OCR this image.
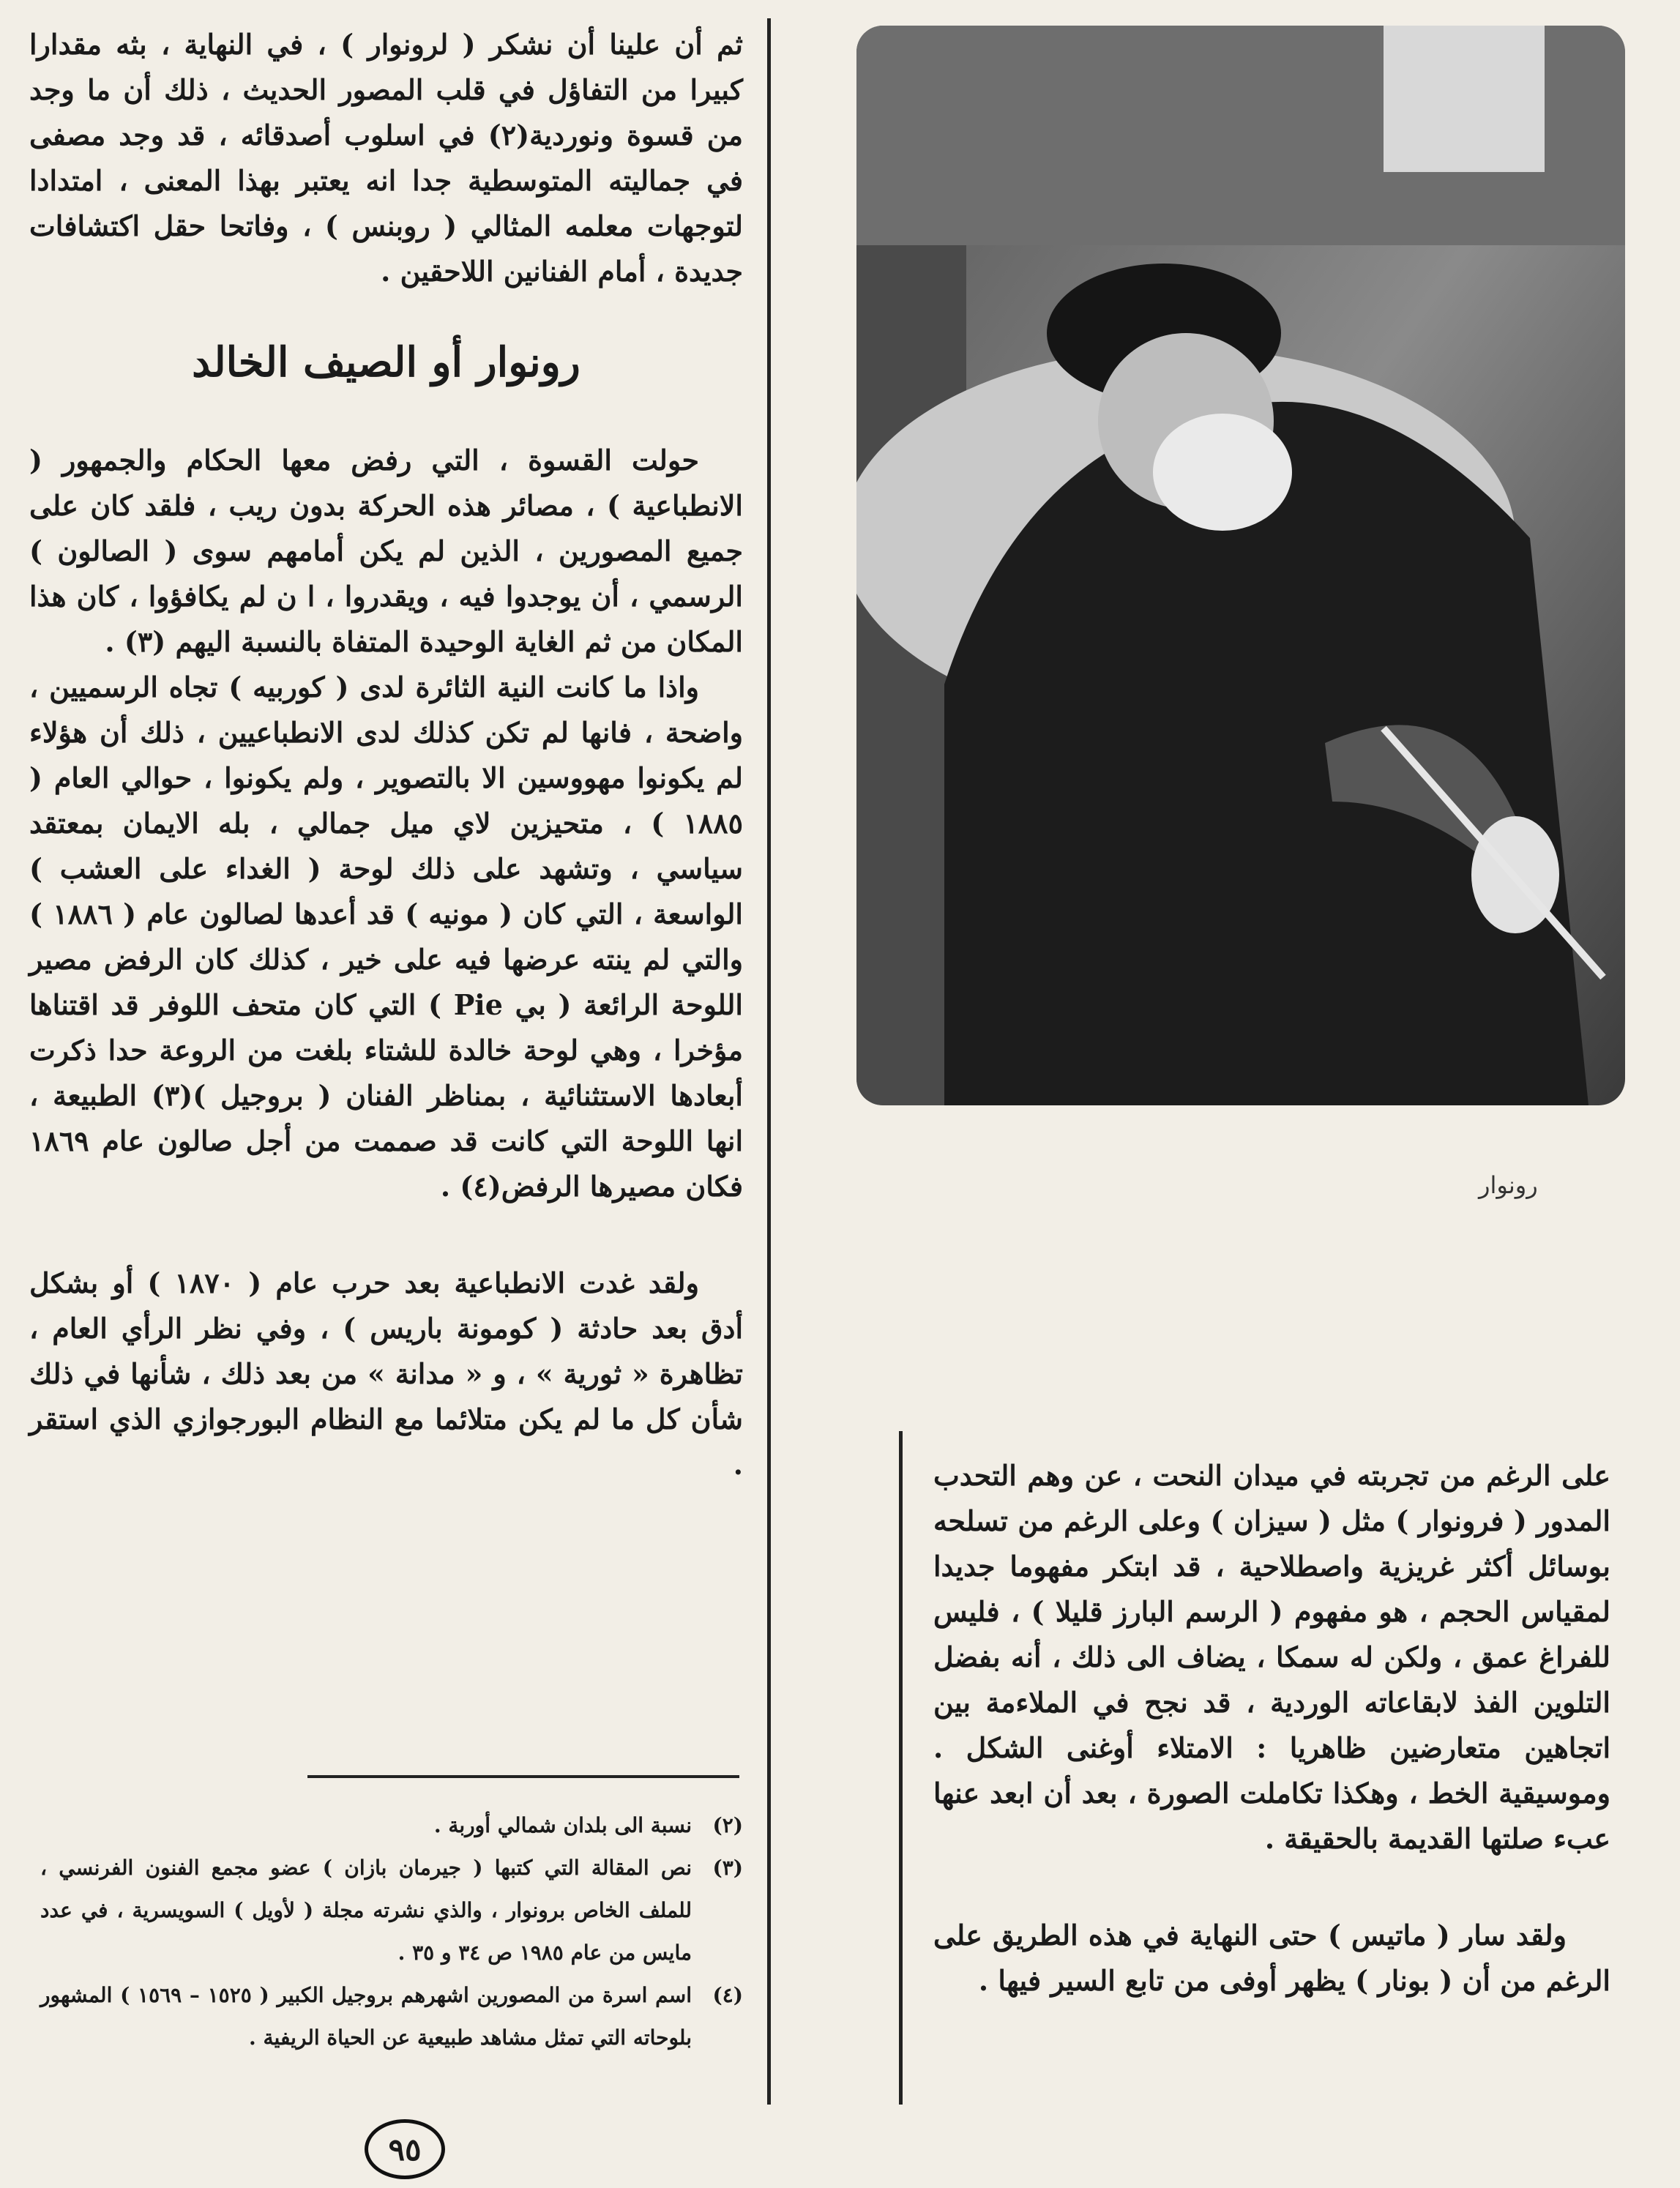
ثم أن علينا أن نشكر ( لرونوار ) ، في النهاية ، بثه مقدارا كبيرا من التفاؤل في قلب المصور الحديث ، ذلك أن ما وجد من قسوة ونوردية(٢) في اسلوب أصدقائه ، قد وجد مصفى في جماليته المتوسطية جدا انه يعتبر بهذا المعنى ، امتدادا لتوجهات معلمه المثالي ( روبنس ) ، وفاتحا حقل اكتشافات جديدة ، أمام الفنانين اللاحقين .

رونوار أو الصيف الخالد

حولت القسوة ، التي رفض معها الحكام والجمهور ( الانطباعية ) ، مصائر هذه الحركة بدون ريب ، فلقد كان على جميع المصورين ، الذين لم يكن أمامهم سوى ( الصالون ) الرسمي ، أن يوجدوا فيه ، ويقدروا ، ا ن لم يكافؤوا ، كان هذا المكان من ثم الغاية الوحيدة المتفاة بالنسبة اليهم (٣) .

واذا ما كانت النية الثائرة لدى ( كوربيه ) تجاه الرسميين ، واضحة ، فانها لم تكن كذلك لدى الانطباعيين ، ذلك أن هؤلاء لم يكونوا مهووسين الا بالتصوير ، ولم يكونوا ، حوالي العام ( ١٨٨٥ ) ، متحيزين لاي ميل جمالي ، بله الايمان بمعتقد سياسي ، وتشهد على ذلك لوحة ( الغداء على العشب ) الواسعة ، التي كان ( مونيه ) قد أعدها لصالون عام ( ١٨٨٦ ) والتي لم ينته عرضها فيه على خير ، كذلك كان الرفض مصير اللوحة الرائعة ( بي Pie ) التي كان متحف اللوفر قد اقتناها مؤخرا ، وهي لوحة خالدة للشتاء بلغت من الروعة حدا ذكرت أبعادها الاستثنائية ، بمناظر الفنان ( بروجيل )(٣) الطبيعة ، انها اللوحة التي كانت قد صممت من أجل صالون عام ١٨٦٩ فكان مصيرها الرفض(٤) .

ولقد غدت الانطباعية بعد حرب عام ( ١٨٧٠ ) أو بشكل أدق بعد حادثة ( كومونة باريس ) ، وفي نظر الرأي العام ، تظاهرة « ثورية » ، و « مدانة » من بعد ذلك ، شأنها في ذلك شأن كل ما لم يكن متلائما مع النظام البورجوازي الذي استقر .

(٢)
نسبة الى بلدان شمالي أوربة .
(٣)
نص المقالة التي كتبها ( جيرمان بازان ) عضو مجمع الفنون الفرنسي ، للملف الخاص برونوار ، والذي نشرته مجلة ( لأويل ) السويسرية ، في عدد مايس من عام ١٩٨٥ ص ٣٤ و ٣٥ .
(٤)
اسم اسرة من المصورين اشهرهم بروجيل الكبير ( ١٥٢٥ – ١٥٦٩ ) المشهور بلوحاته التي تمثل مشاهد طبيعية عن الحياة الريفية .
رونوار

على الرغم من تجربته في ميدان النحت ، عن وهم التحدب المدور ( فرونوار ) مثل ( سيزان ) وعلى الرغم من تسلحه بوسائل أكثر غريزية واصطلاحية ، قد ابتكر مفهوما جديدا لمقياس الحجم ، هو مفهوم ( الرسم البارز قليلا ) ، فليس للفراغ عمق ، ولكن له سمكا ، يضاف الى ذلك ، أنه بفضل التلوين الفذ لابقاعاته الوردية ، قد نجح في الملاءمة بين اتجاهين متعارضين ظاهريا : الامتلاء أوغنى الشكل . وموسيقية الخط ، وهكذا تكاملت الصورة ، بعد أن ابعد عنها عبء صلتها القديمة بالحقيقة .

ولقد سار ( ماتيس ) حتى النهاية في هذه الطريق على الرغم من أن ( بونار ) يظهر أوفى من تابع السير فيها .

٩٥
